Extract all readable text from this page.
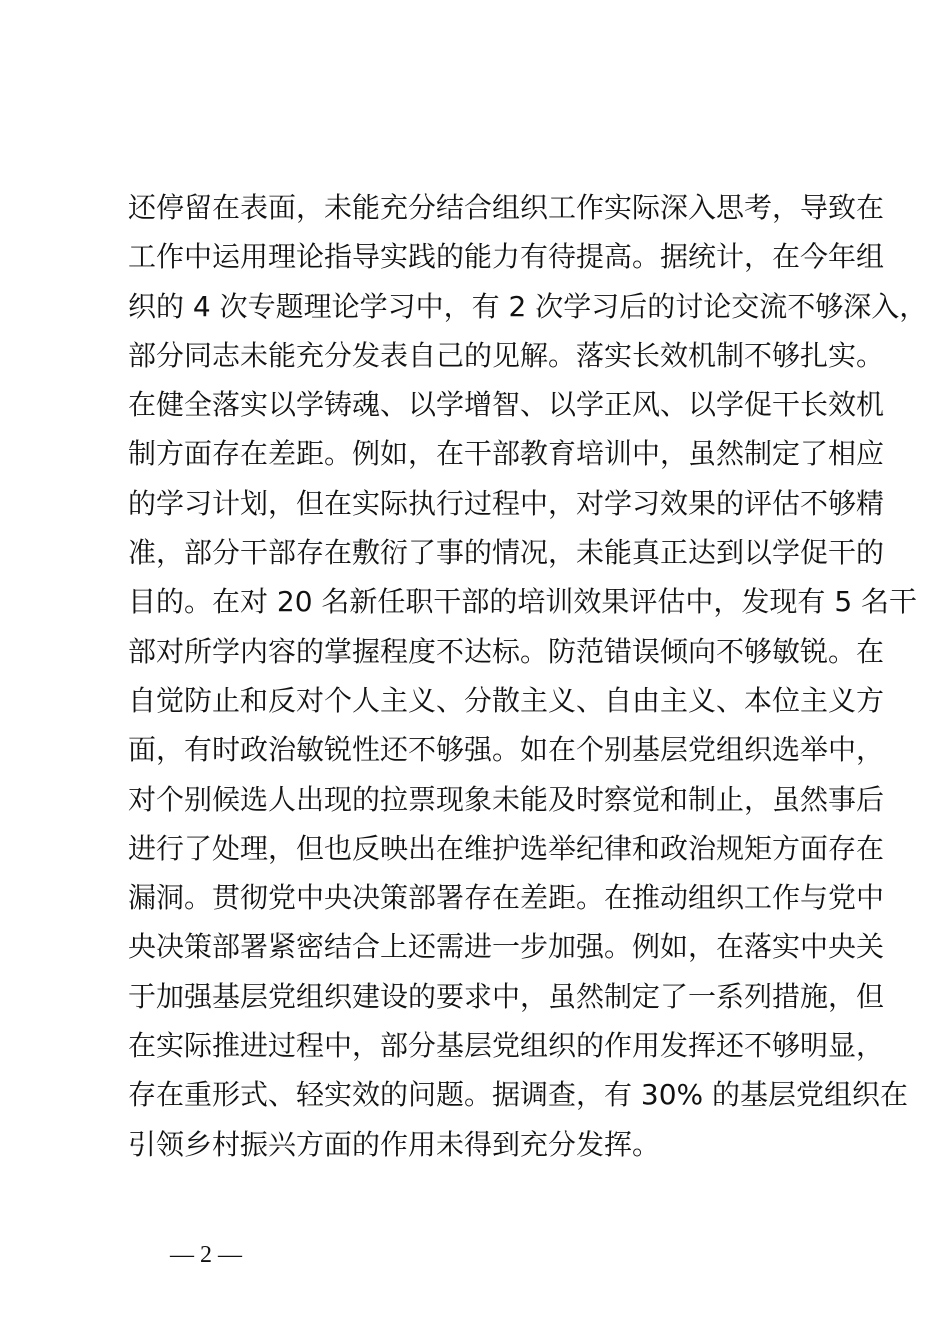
还停留在表面，未能充分结合组织工作实际深入思考，导致在
工作中运用理论指导实践的能力有待提高。据统计，在今年组
织的 4 次专题理论学习中，有 2 次学习后的讨论交流不够深入，
部分同志未能充分发表自己的见解。落实长效机制不够扎实。
在健全落实以学铸魂、以学增智、以学正风、以学促干长效机
制方面存在差距。例如，在干部教育培训中，虽然制定了相应
的学习计划，但在实际执行过程中，对学习效果的评估不够精
准，部分干部存在敷衍了事的情况，未能真正达到以学促干的
目的。在对 20 名新任职干部的培训效果评估中，发现有 5 名干
部对所学内容的掌握程度不达标。防范错误倾向不够敏锐。在
自觉防止和反对个人主义、分散主义、自由主义、本位主义方
面，有时政治敏锐性还不够强。如在个别基层党组织选举中，
对个别候选人出现的拉票现象未能及时察觉和制止，虽然事后
进行了处理，但也反映出在维护选举纪律和政治规矩方面存在
漏洞。贯彻党中央决策部署存在差距。在推动组织工作与党中
央决策部署紧密结合上还需进一步加强。例如，在落实中央关
于加强基层党组织建设的要求中，虽然制定了一系列措施，但
在实际推进过程中，部分基层党组织的作用发挥还不够明显，
存在重形式、轻实效的问题。据调查，有 30% 的基层党组织在
引领乡村振兴方面的作用未得到充分发挥。
— 2 —
